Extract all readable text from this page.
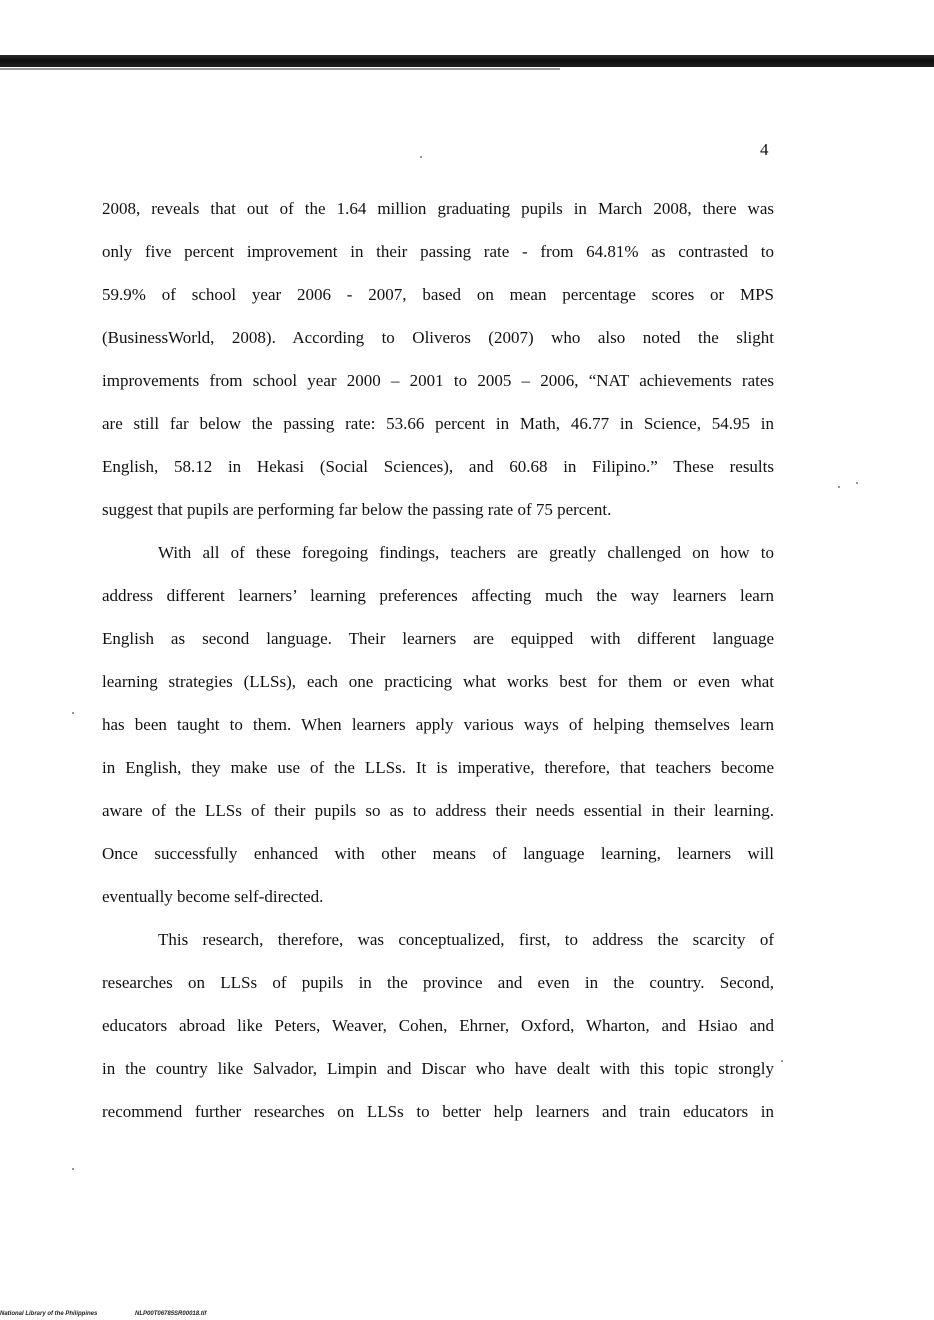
4
2008, reveals that out of the 1.64 million graduating pupils in March 2008, there was
only five percent improvement in their passing rate - from 64.81% as contrasted to
59.9% of school year 2006 - 2007, based on mean percentage scores or MPS
(BusinessWorld, 2008). According to Oliveros (2007) who also noted the slight
improvements from school year 2000 – 2001 to 2005 – 2006, “NAT achievements rates
are still far below the passing rate: 53.66 percent in Math, 46.77 in Science, 54.95 in
English, 58.12 in Hekasi (Social Sciences), and 60.68 in Filipino.” These results
suggest that pupils are performing far below the passing rate of 75 percent.
With all of these foregoing findings, teachers are greatly challenged on how to
address different learners’ learning preferences affecting much the way learners learn
English as second language. Their learners are equipped with different language
learning strategies (LLSs), each one practicing what works best for them or even what
has been taught to them. When learners apply various ways of helping themselves learn
in English, they make use of the LLSs. It is imperative, therefore, that teachers become
aware of the LLSs of their pupils so as to address their needs essential in their learning.
Once successfully enhanced with other means of language learning, learners will
eventually become self-directed.
This research, therefore, was conceptualized, first, to address the scarcity of
researches on LLSs of pupils in the province and even in the country. Second,
educators abroad like Peters, Weaver, Cohen, Ehrner, Oxford, Wharton, and Hsiao and
in the country like Salvador, Limpin and Discar who have dealt with this topic strongly
recommend further researches on LLSs to better help learners and train educators in
National Library of the Philippines	NLP00T06785SR00018.tif
